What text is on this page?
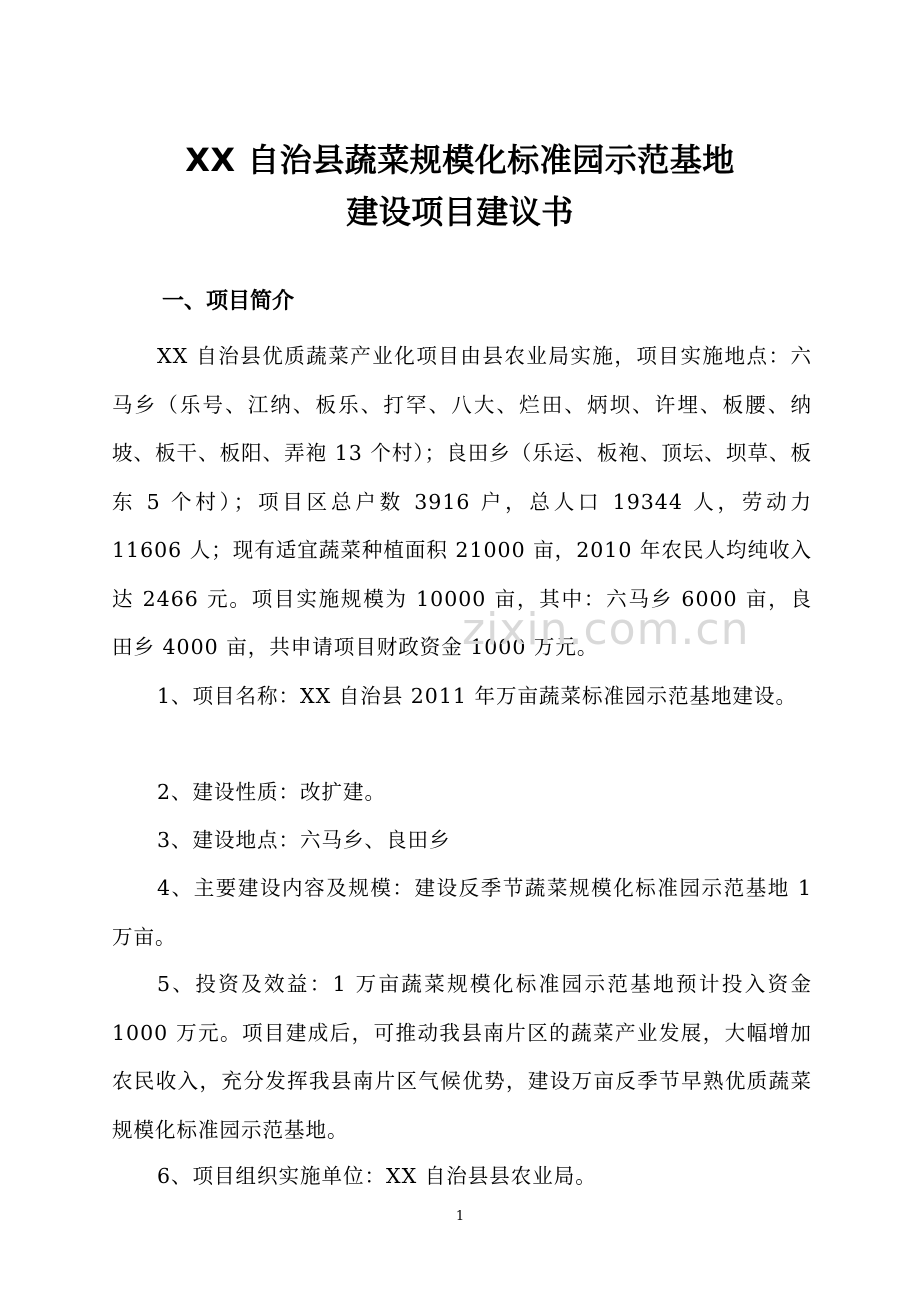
XX 自治县蔬菜规模化标准园示范基地
建设项目建议书
一、项目简介

XX 自治县优质蔬菜产业化项目由县农业局实施，项目实施地点：六马乡（乐号、江纳、板乐、打罕、八大、烂田、炳坝、许埋、板腰、纳坡、板干、板阳、弄袍 13 个村）；良田乡（乐运、板袍、顶坛、坝草、板东 5 个村）；项目区总户数 3916 户，总人口 19344 人，劳动力 11606 人；现有适宜蔬菜种植面积 21000 亩，2010 年农民人均纯收入达 2466 元。项目实施规模为 10000 亩，其中：六马乡 6000 亩，良田乡 4000 亩，共申请项目财政资金 1000 万元。

1、项目名称：XX 自治县 2011 年万亩蔬菜标准园示范基地建设。

2、建设性质：改扩建。

3、建设地点：六马乡、良田乡

4、主要建设内容及规模：建设反季节蔬菜规模化标准园示范基地 1 万亩。

5、投资及效益：1 万亩蔬菜规模化标准园示范基地预计投入资金 1000 万元。项目建成后，可推动我县南片区的蔬菜产业发展，大幅增加农民收入，充分发挥我县南片区气候优势，建设万亩反季节早熟优质蔬菜规模化标准园示范基地。

6、项目组织实施单位：XX 自治县县农业局。

zixin.com.cn
1
